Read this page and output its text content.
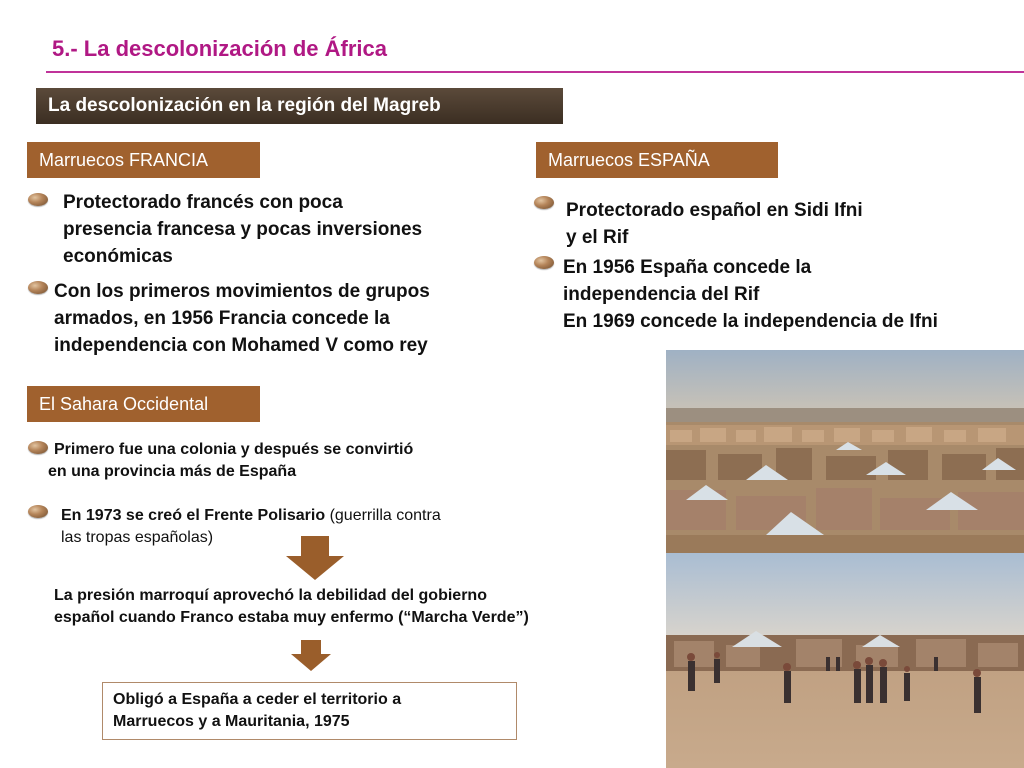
5.- La descolonización de África
La descolonización en la región del Magreb
Marruecos FRANCIA
Protectorado francés con poca
presencia francesa y pocas inversiones
económicas
Con los primeros movimientos de grupos
armados, en 1956 Francia concede la
independencia con Mohamed V como rey
Marruecos ESPAÑA
Protectorado español en Sidi Ifni
y el Rif
En 1956 España concede la
independencia del Rif
En 1969 concede la independencia de Ifni
El Sahara Occidental
Primero fue una colonia y después se convirtió
en una provincia más de España
En 1973 se creó el Frente Polisario (guerrilla contra
las tropas españolas)
La presión marroquí aprovechó la debilidad del gobierno
español cuando Franco estaba muy enfermo (“Marcha Verde”)
Obligó a España a ceder el territorio a
Marruecos y a Mauritania, 1975
